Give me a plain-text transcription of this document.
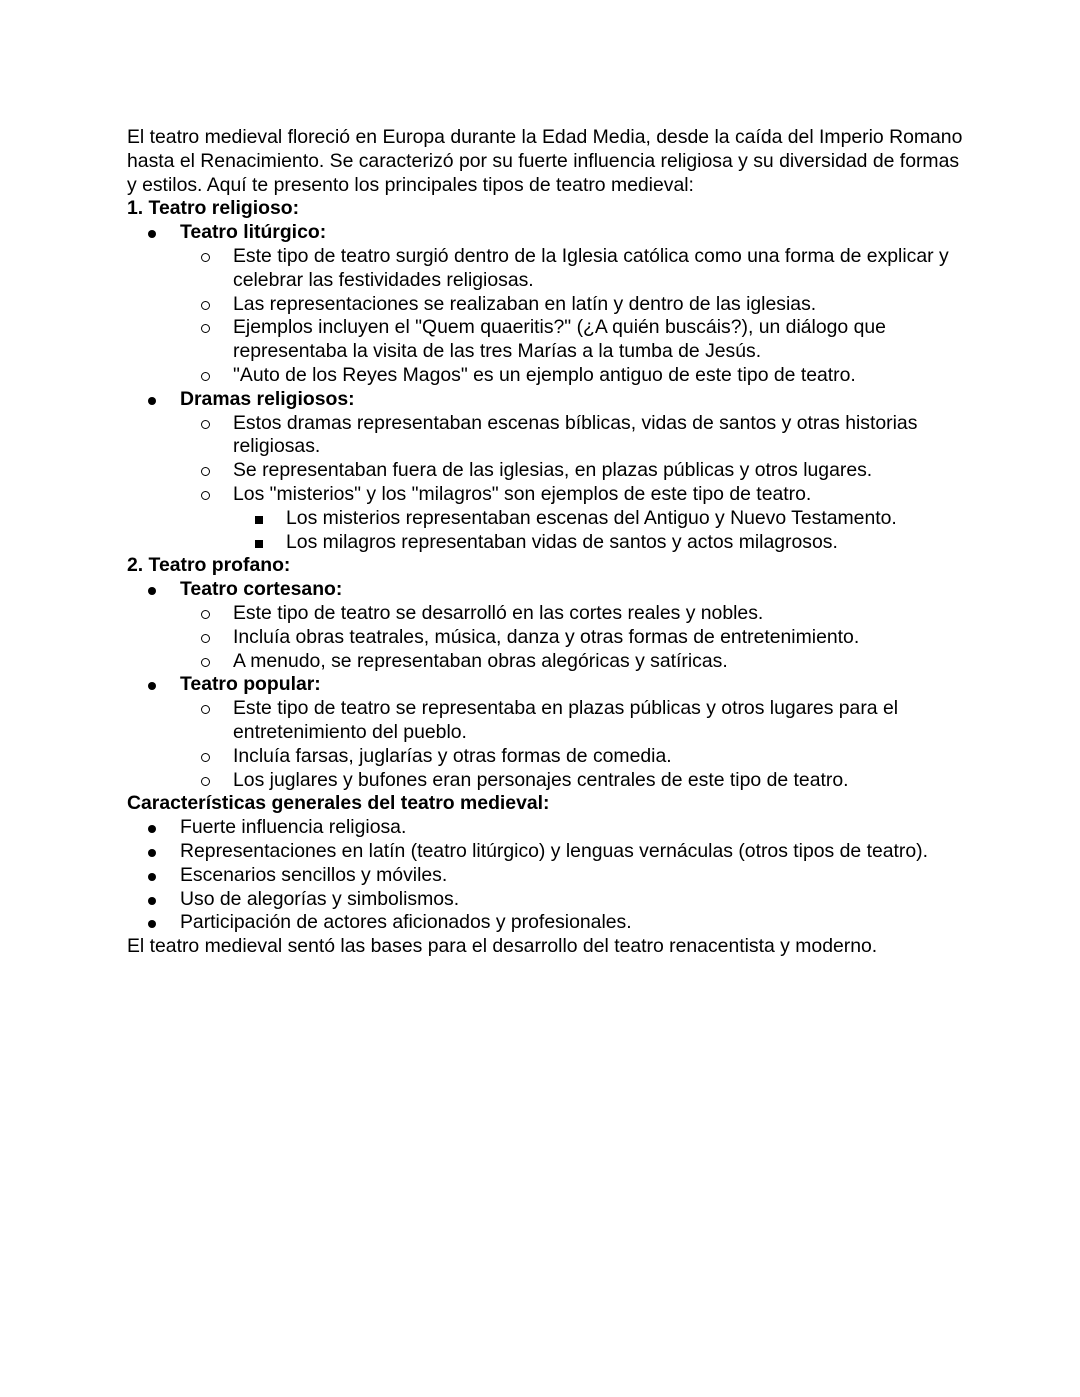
El teatro medieval floreció en Europa durante la Edad Media, desde la caída del Imperio Romano hasta el Renacimiento. Se caracterizó por su fuerte influencia religiosa y su diversidad de formas y estilos. Aquí te presento los principales tipos de teatro medieval:

1. Teatro religioso:

Teatro litúrgico:
Este tipo de teatro surgió dentro de la Iglesia católica como una forma de explicar y celebrar las festividades religiosas.
Las representaciones se realizaban en latín y dentro de las iglesias.
Ejemplos incluyen el "Quem quaeritis?" (¿A quién buscáis?), un diálogo que representaba la visita de las tres Marías a la tumba de Jesús.
"Auto de los Reyes Magos" es un ejemplo antiguo de este tipo de teatro.
Dramas religiosos:
Estos dramas representaban escenas bíblicas, vidas de santos y otras historias religiosas.
Se representaban fuera de las iglesias, en plazas públicas y otros lugares.
Los "misterios" y los "milagros" son ejemplos de este tipo de teatro.
Los misterios representaban escenas del Antiguo y Nuevo Testamento.
Los milagros representaban vidas de santos y actos milagrosos.

2. Teatro profano:

Teatro cortesano:
Este tipo de teatro se desarrolló en las cortes reales y nobles.
Incluía obras teatrales, música, danza y otras formas de entretenimiento.
A menudo, se representaban obras alegóricas y satíricas.
Teatro popular:
Este tipo de teatro se representaba en plazas públicas y otros lugares para el entretenimiento del pueblo.
Incluía farsas, juglarías y otras formas de comedia.
Los juglares y bufones eran personajes centrales de este tipo de teatro.

Características generales del teatro medieval:

Fuerte influencia religiosa.
Representaciones en latín (teatro litúrgico) y lenguas vernáculas (otros tipos de teatro).
Escenarios sencillos y móviles.
Uso de alegorías y simbolismos.
Participación de actores aficionados y profesionales.

El teatro medieval sentó las bases para el desarrollo del teatro renacentista y moderno.
